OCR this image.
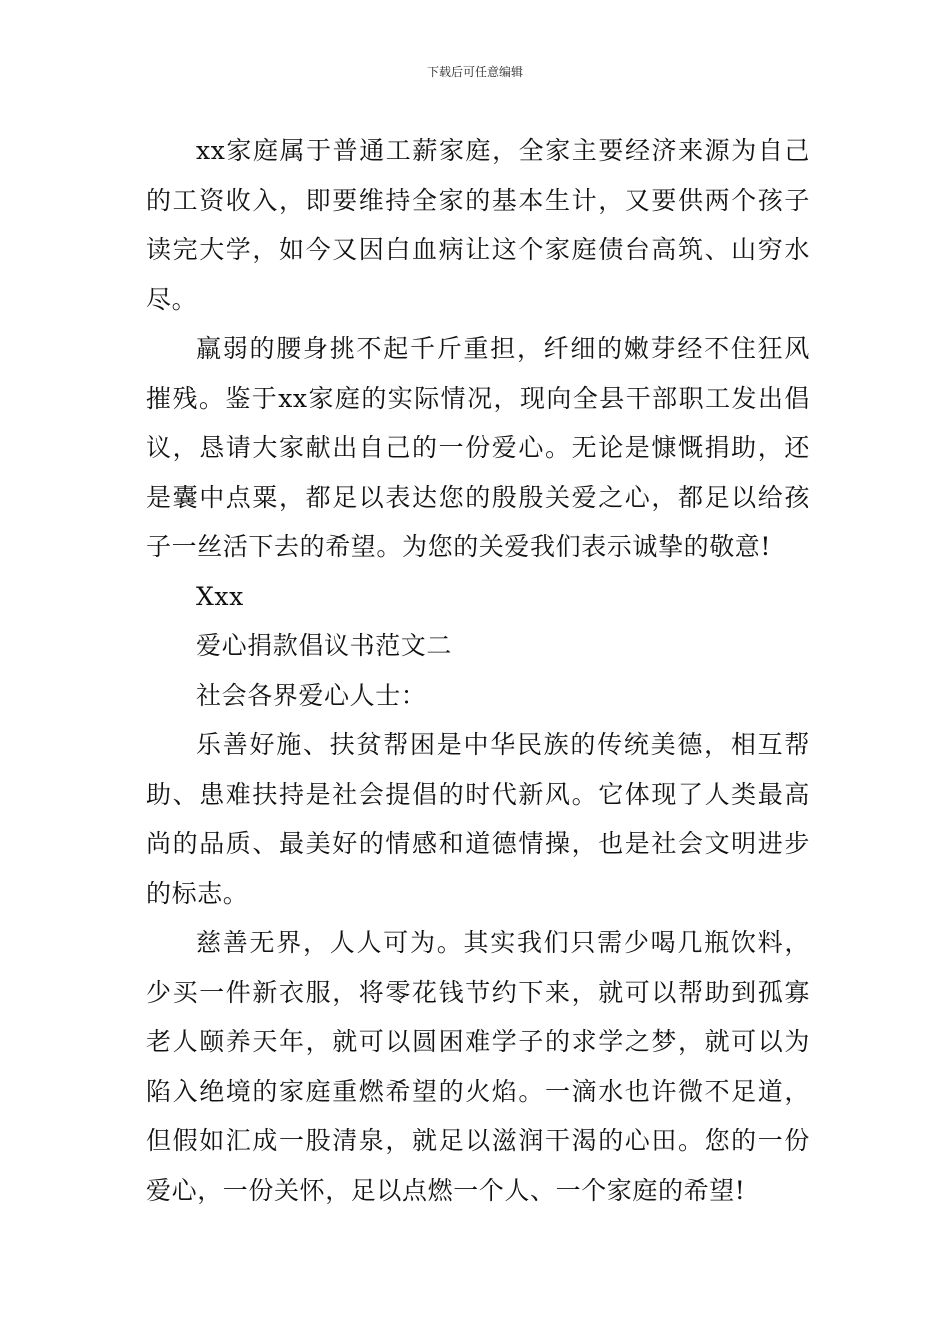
下载后可任意编辑

xx家庭属于普通工薪家庭，全家主要经济来源为自己的工资收入，即要维持全家的基本生计，又要供两个孩子读完大学，如今又因白血病让这个家庭债台高筑、山穷水尽。

羸弱的腰身挑不起千斤重担，纤细的嫩芽经不住狂风摧残。鉴于xx家庭的实际情况，现向全县干部职工发出倡议，恳请大家献出自己的一份爱心。无论是慷慨捐助，还是囊中点粟，都足以表达您的殷殷关爱之心，都足以给孩子一丝活下去的希望。为您的关爱我们表示诚挚的敬意!

Xxx

爱心捐款倡议书范文二

社会各界爱心人士：

乐善好施、扶贫帮困是中华民族的传统美德，相互帮助、患难扶持是社会提倡的时代新风。它体现了人类最高尚的品质、最美好的情感和道德情操，也是社会文明进步的标志。

慈善无界，人人可为。其实我们只需少喝几瓶饮料，少买一件新衣服，将零花钱节约下来，就可以帮助到孤寡老人颐养天年，就可以圆困难学子的求学之梦，就可以为陷入绝境的家庭重燃希望的火焰。一滴水也许微不足道，但假如汇成一股清泉，就足以滋润干渴的心田。您的一份爱心，一份关怀，足以点燃一个人、一个家庭的希望!
